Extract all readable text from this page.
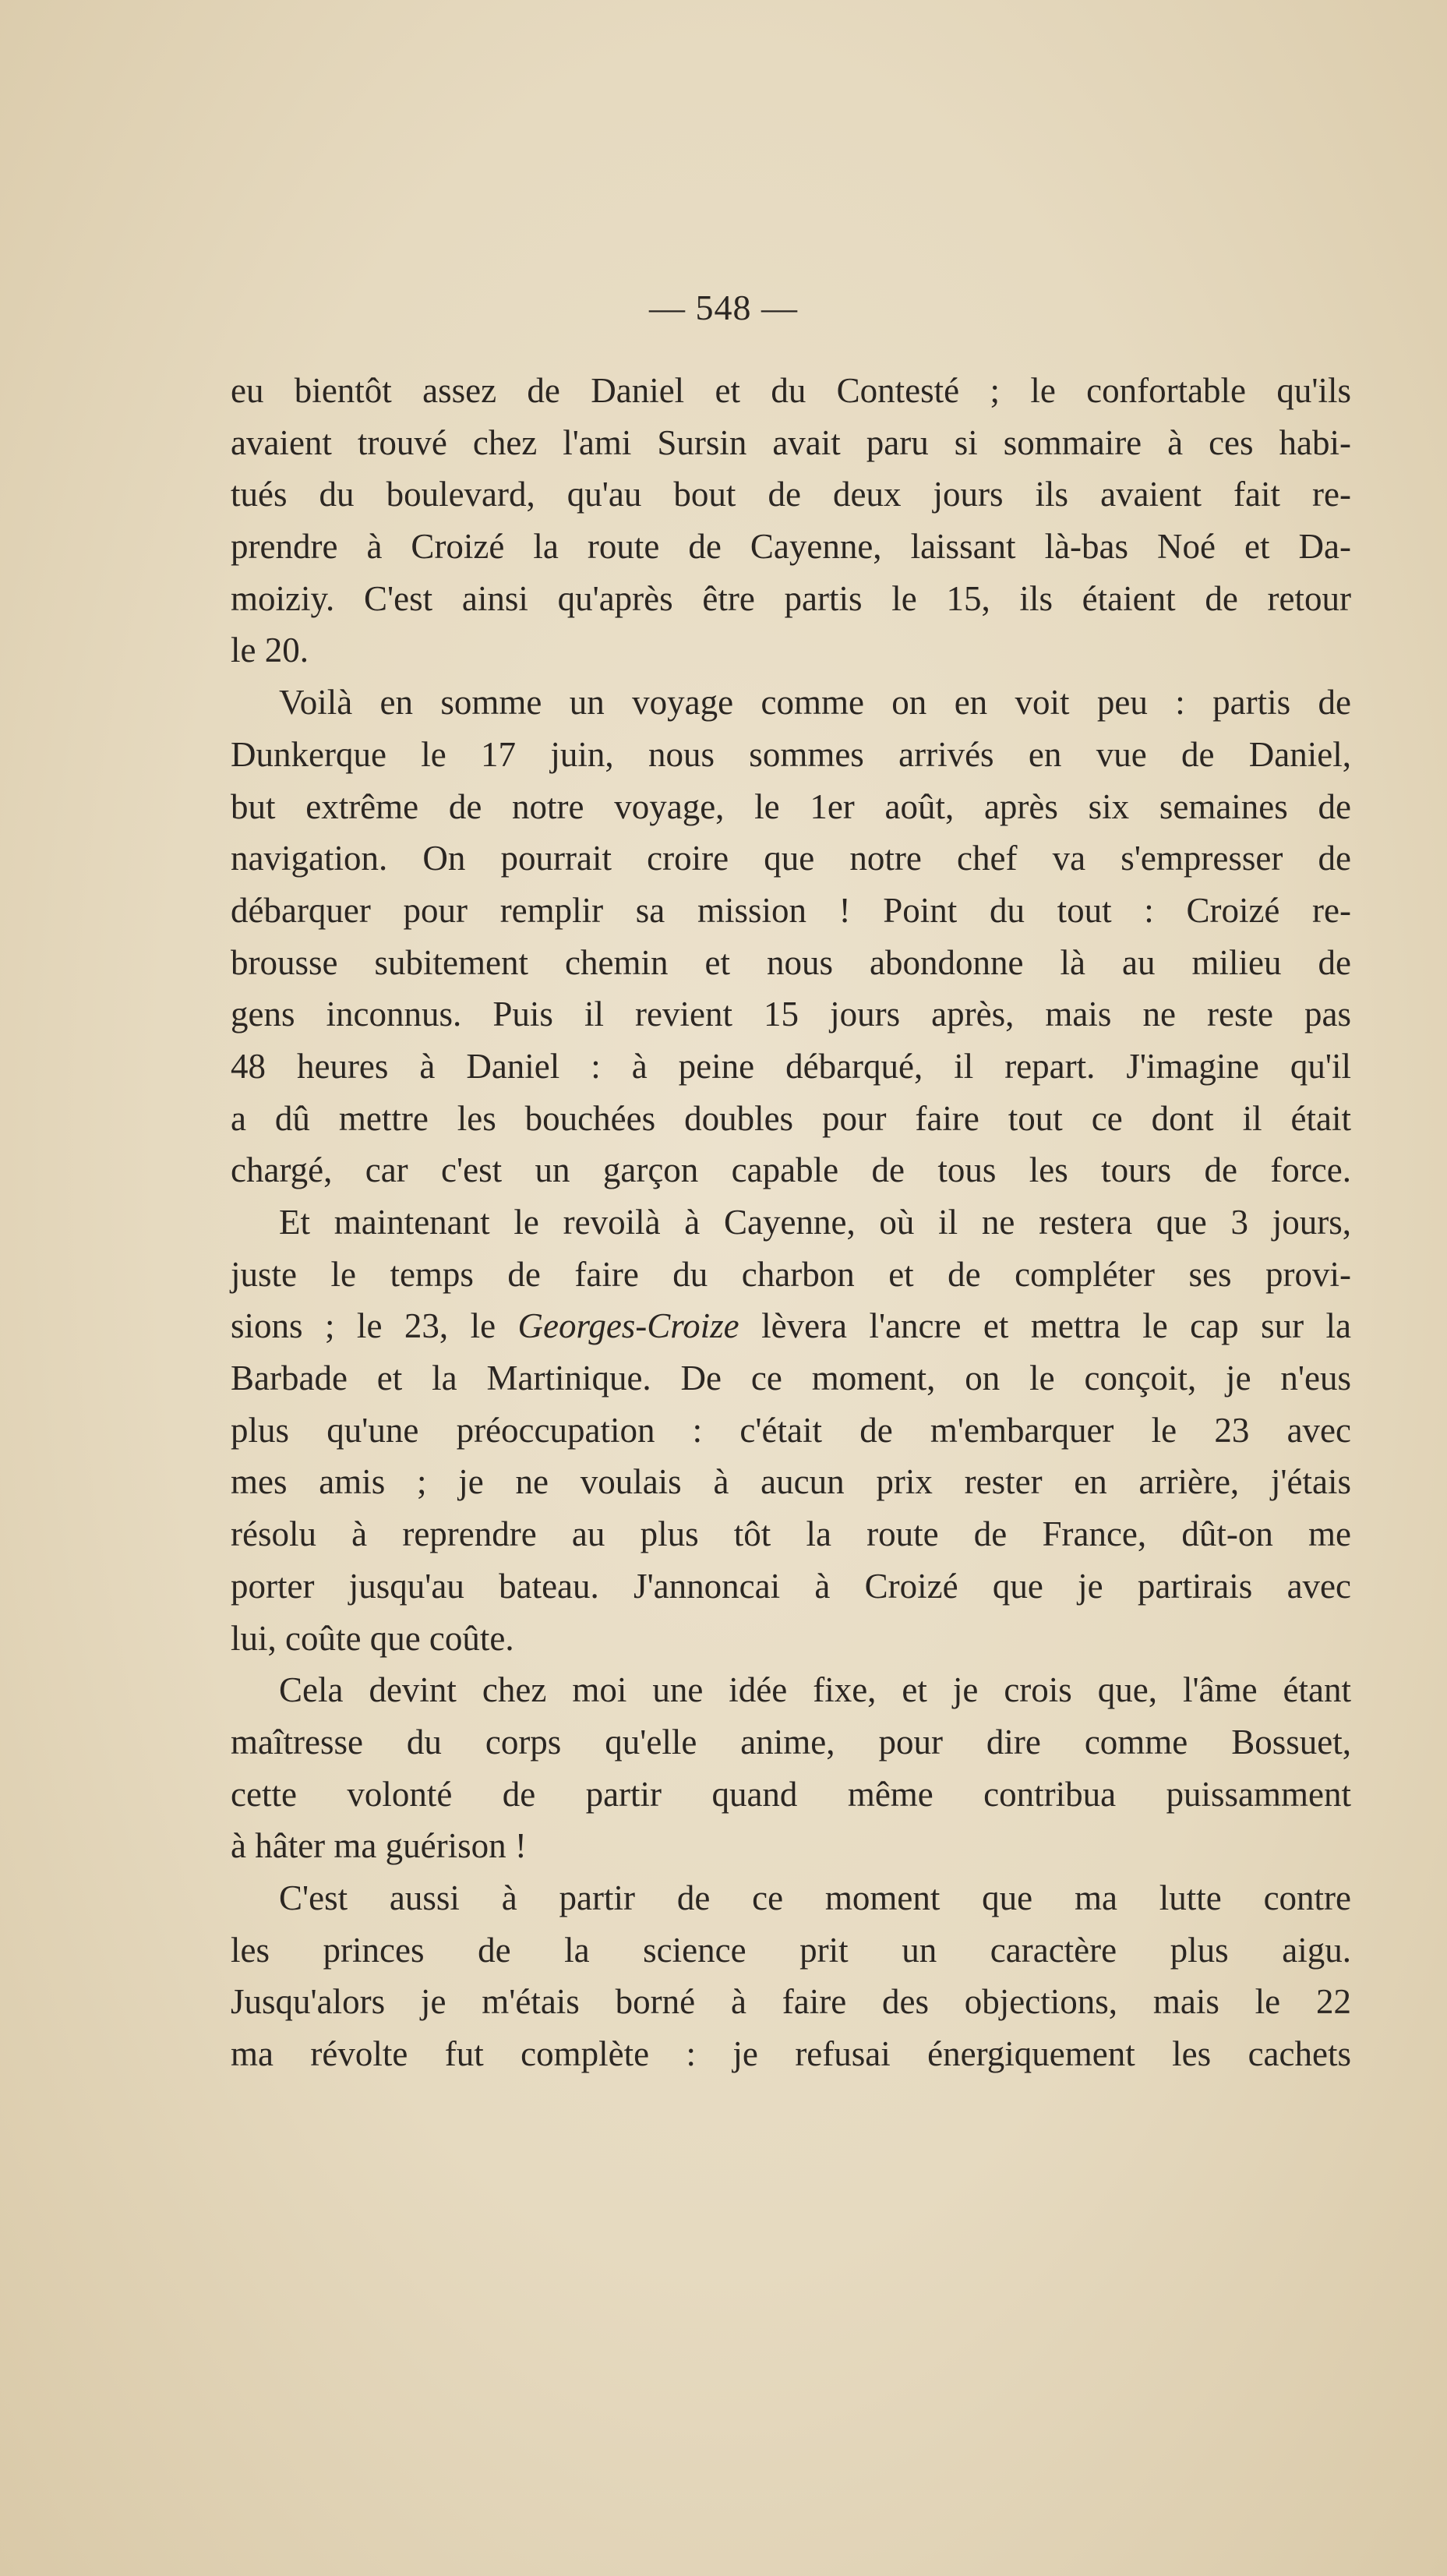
— 548 —
eu bientôt assez de Daniel et du Contesté ; le confortable qu'ils
avaient trouvé chez l'ami Sursin avait paru si sommaire à ces habi-
tués du boulevard, qu'au bout de deux jours ils avaient fait re-
prendre à Croizé la route de Cayenne, laissant là-bas Noé et Da-
moiziy. C'est ainsi qu'après être partis le 15, ils étaient de retour
le 20.
Voilà en somme un voyage comme on en voit peu : partis de
Dunkerque le 17 juin, nous sommes arrivés en vue de Daniel,
but extrême de notre voyage, le 1er août, après six semaines de
navigation. On pourrait croire que notre chef va s'empresser de
débarquer pour remplir sa mission ! Point du tout : Croizé re-
brousse subitement chemin et nous abondonne là au milieu de
gens inconnus. Puis il revient 15 jours après, mais ne reste pas
48 heures à Daniel : à peine débarqué, il repart. J'imagine qu'il
a dû mettre les bouchées doubles pour faire tout ce dont il était
chargé, car c'est un garçon capable de tous les tours de force.
Et maintenant le revoilà à Cayenne, où il ne restera que 3 jours,
juste le temps de faire du charbon et de compléter ses provi-
sions ; le 23, le Georges-Croize lèvera l'ancre et mettra le cap sur la
Barbade et la Martinique. De ce moment, on le conçoit, je n'eus
plus qu'une préoccupation : c'était de m'embarquer le 23 avec
mes amis ; je ne voulais à aucun prix rester en arrière, j'étais
résolu à reprendre au plus tôt la route de France, dût-on me
porter jusqu'au bateau. J'annoncai à Croizé que je partirais avec
lui, coûte que coûte.
Cela devint chez moi une idée fixe, et je crois que, l'âme étant
maîtresse du corps qu'elle anime, pour dire comme Bossuet,
cette volonté de partir quand même contribua puissamment
à hâter ma guérison !
C'est aussi à partir de ce moment que ma lutte contre
les princes de la science prit un caractère plus aigu.
Jusqu'alors je m'étais borné à faire des objections, mais le 22
ma révolte fut complète : je refusai énergiquement les cachets
